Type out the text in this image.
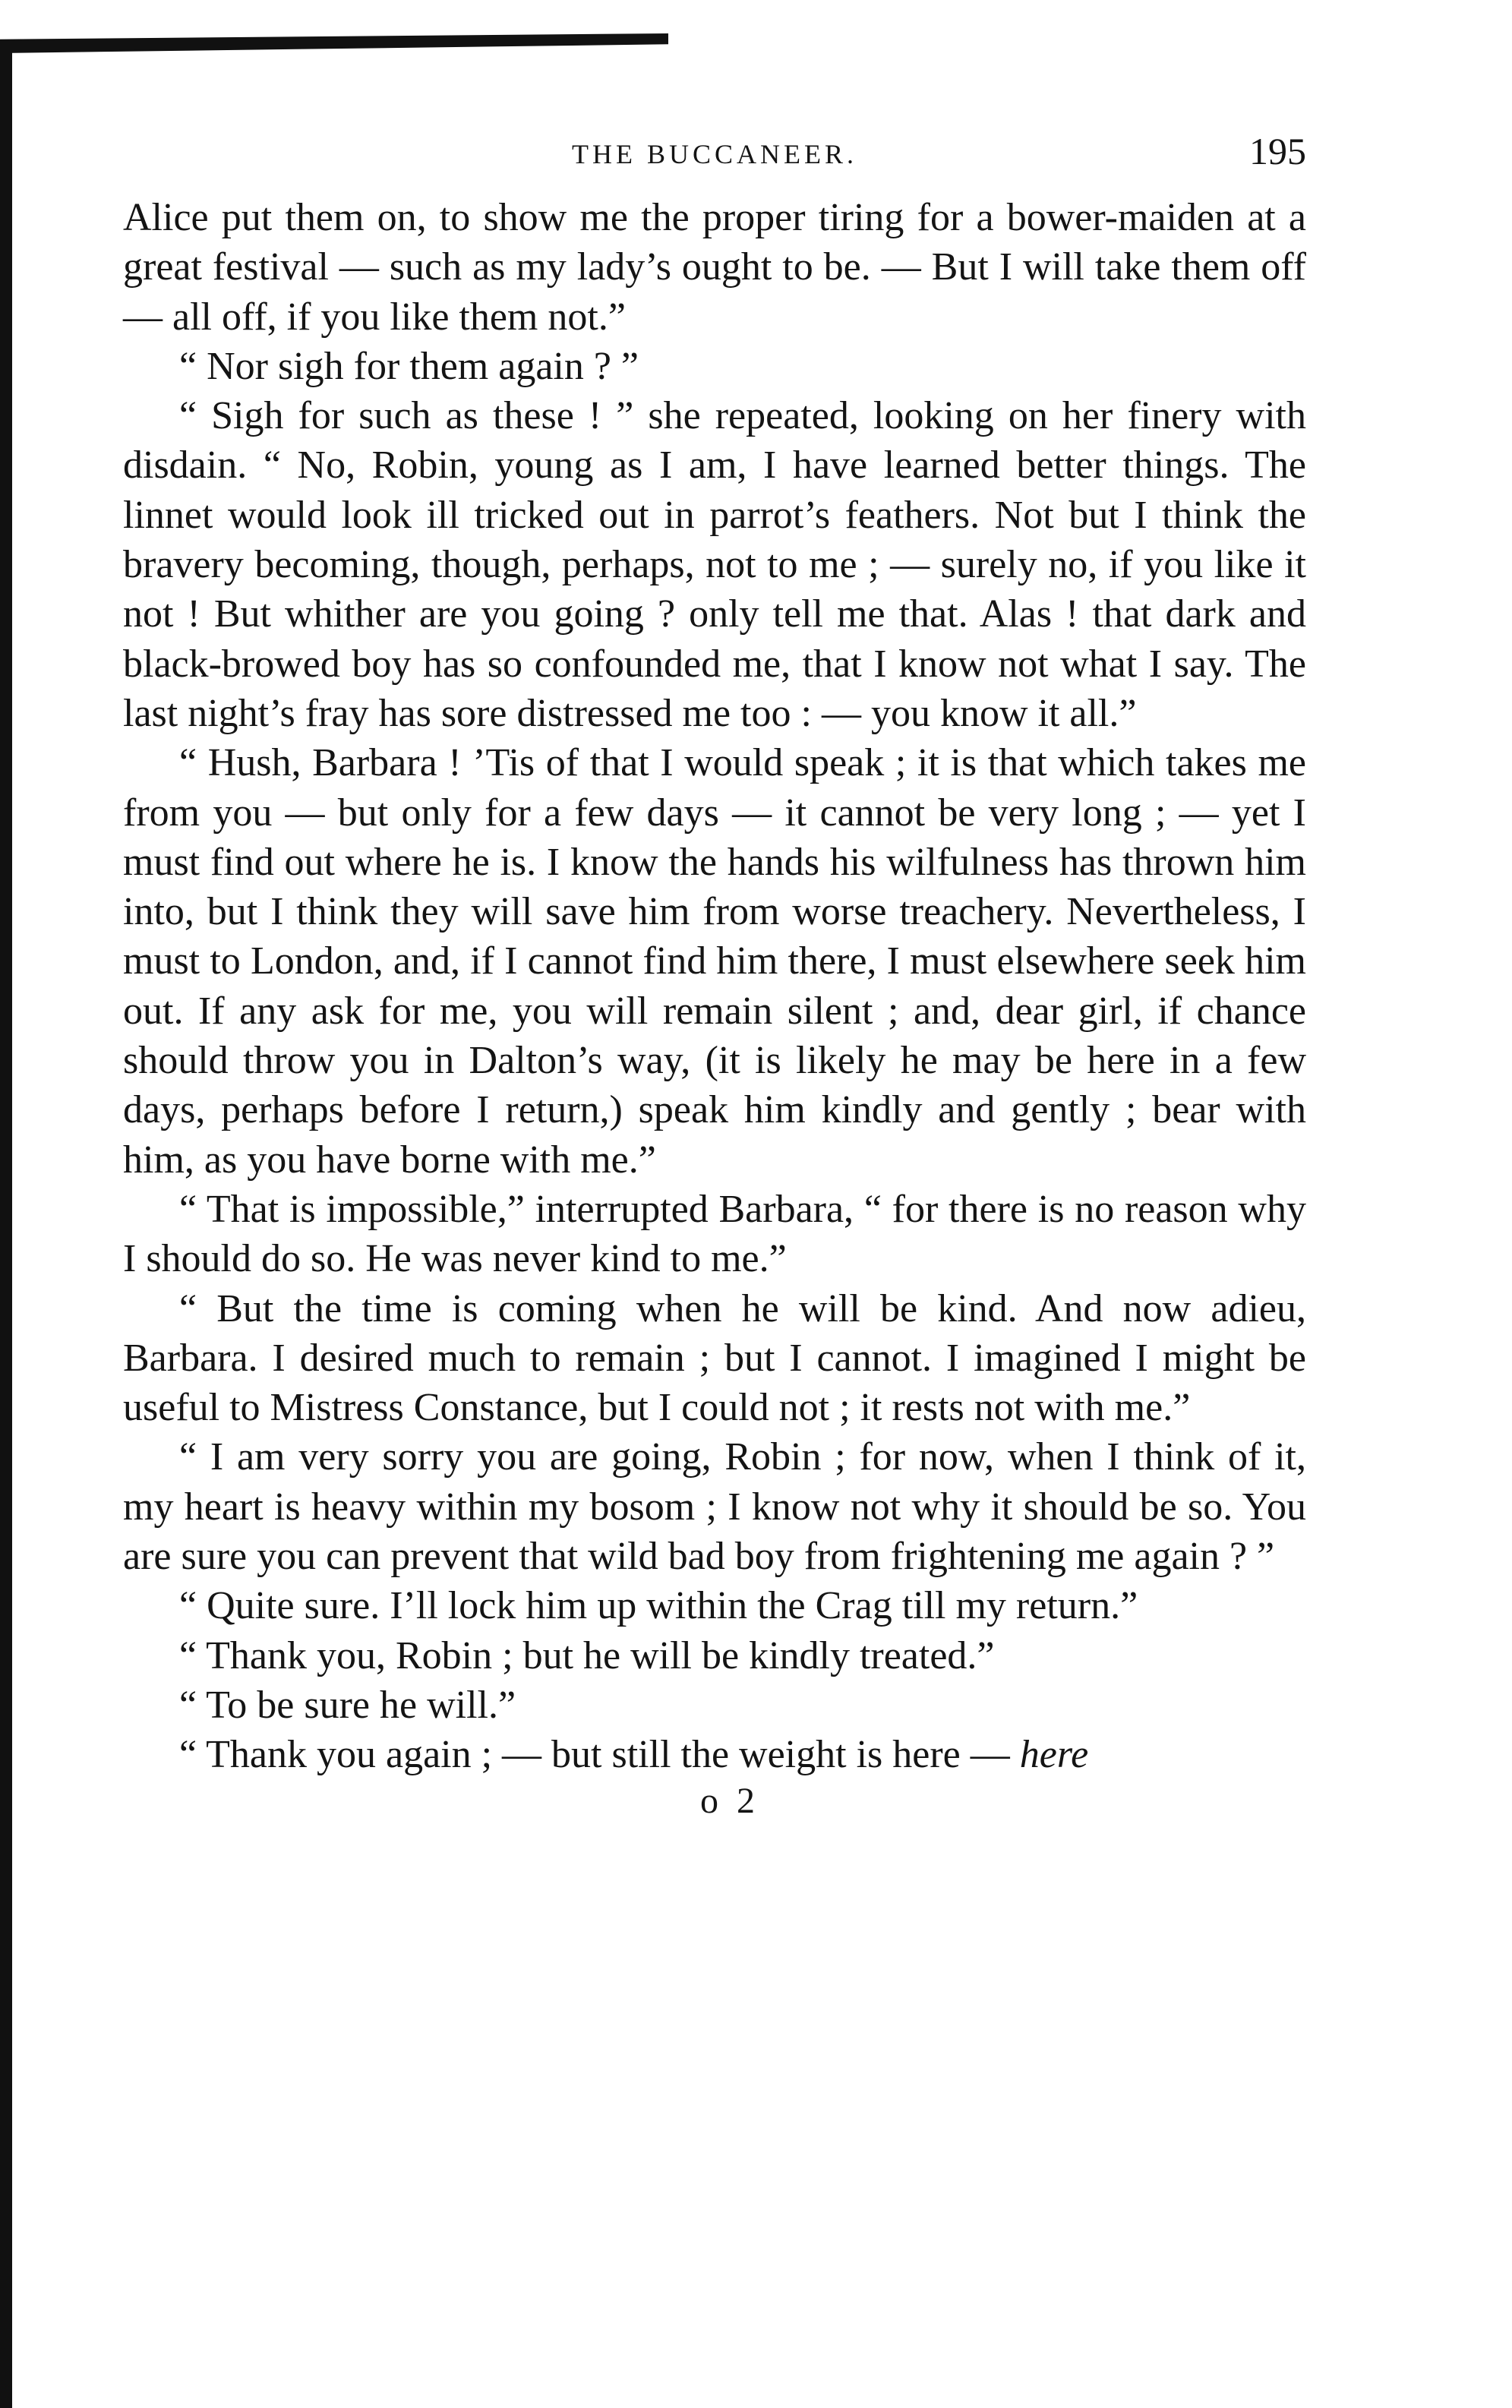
THE BUCCANEER.	195

Alice put them on, to show me the proper tiring for a bower-maiden at a great festival — such as my lady’s ought to be. — But I will take them off — all off, if you like them not.”

“ Nor sigh for them again ? ”

“ Sigh for such as these ! ” she repeated, looking on her finery with disdain. “ No, Robin, young as I am, I have learned better things. The linnet would look ill tricked out in parrot’s feathers. Not but I think the bravery becoming, though, perhaps, not to me ; — surely no, if you like it not ! But whither are you going ? only tell me that. Alas ! that dark and black-browed boy has so confounded me, that I know not what I say. The last night’s fray has sore distressed me too : — you know it all.”

“ Hush, Barbara ! ’Tis of that I would speak ; it is that which takes me from you — but only for a few days — it cannot be very long ; — yet I must find out where he is. I know the hands his wilfulness has thrown him into, but I think they will save him from worse treachery. Nevertheless, I must to London, and, if I cannot find him there, I must elsewhere seek him out. If any ask for me, you will remain silent ; and, dear girl, if chance should throw you in Dalton’s way, (it is likely he may be here in a few days, perhaps before I return,) speak him kindly and gently ; bear with him, as you have borne with me.”

“ That is impossible,” interrupted Barbara, “ for there is no reason why I should do so. He was never kind to me.”

“ But the time is coming when he will be kind. And now adieu, Barbara. I desired much to remain ; but I cannot. I imagined I might be useful to Mistress Constance, but I could not ; it rests not with me.”

“ I am very sorry you are going, Robin ; for now, when I think of it, my heart is heavy within my bosom ; I know not why it should be so. You are sure you can prevent that wild bad boy from frightening me again ? ”

“ Quite sure. I’ll lock him up within the Crag till my return.”

“ Thank you, Robin ; but he will be kindly treated.”

“ To be sure he will.”

“ Thank you again ; — but still the weight is here — here

o 2
